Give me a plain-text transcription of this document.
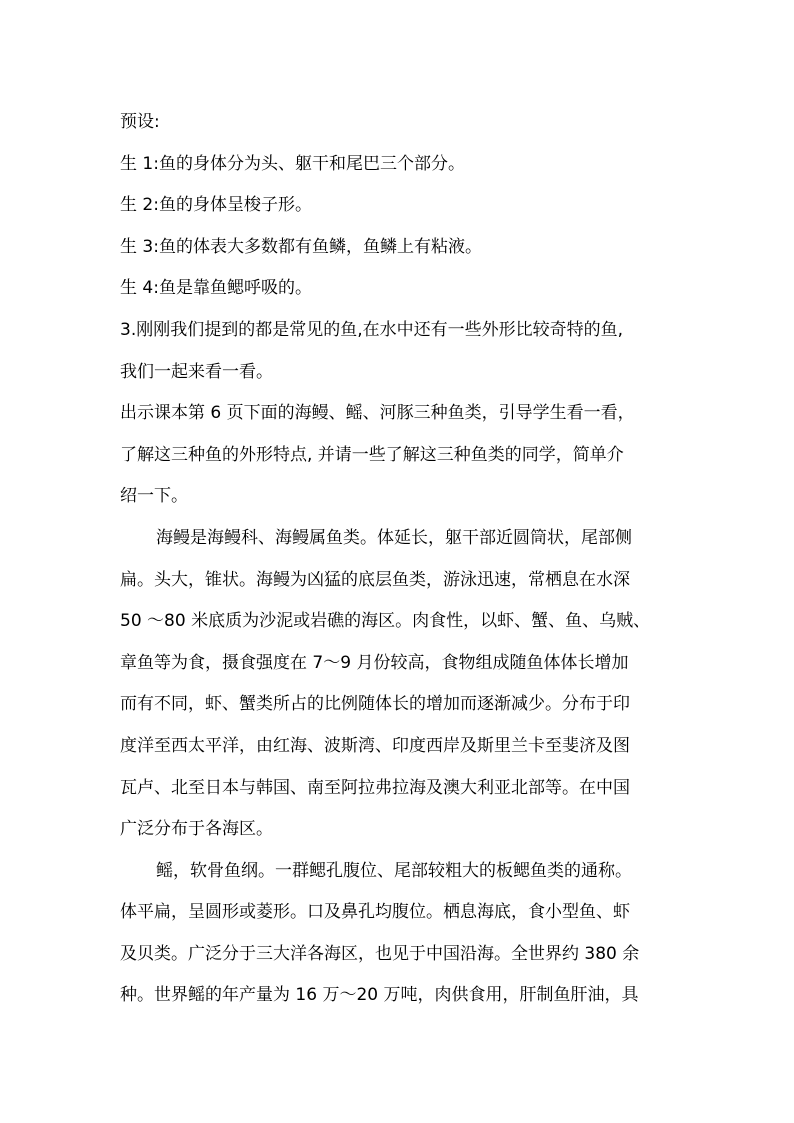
预设:
生 1:鱼的身体分为头、躯干和尾巴三个部分。
生 2:鱼的身体呈梭子形。
生 3:鱼的体表大多数都有鱼鳞，鱼鳞上有粘液。
生 4:鱼是靠鱼鳃呼吸的。
3.刚刚我们提到的都是常见的鱼,在水中还有一些外形比较奇特的鱼,
我们一起来看一看。
出示课本第 6 页下面的海鳗、鳐、河豚三种鱼类，引导学生看一看，
了解这三种鱼的外形特点, 并请一些了解这三种鱼类的同学，简单介
绍一下。
海鳗是海鳗科、海鳗属鱼类。体延长，躯干部近圆筒状，尾部侧
扁。头大，锥状。海鳗为凶猛的底层鱼类，游泳迅速，常栖息在水深
50 ～80 米底质为沙泥或岩礁的海区。肉食性，以虾、蟹、鱼、乌贼、
章鱼等为食，摄食强度在 7～9 月份较高，食物组成随鱼体体长增加
而有不同，虾、蟹类所占的比例随体长的增加而逐渐减少。分布于印
度洋至西太平洋，由红海、波斯湾、印度西岸及斯里兰卡至斐济及图
瓦卢、北至日本与韩国、南至阿拉弗拉海及澳大利亚北部等。在中国
广泛分布于各海区。
鳐，软骨鱼纲。一群鳃孔腹位、尾部较粗大的板鳃鱼类的通称。
体平扁，呈圆形或菱形。口及鼻孔均腹位。栖息海底，食小型鱼、虾
及贝类。广泛分于三大洋各海区，也见于中国沿海。全世界约 380 余
种。世界鳐的年产量为 16 万～20 万吨，肉供食用，肝制鱼肝油，具
